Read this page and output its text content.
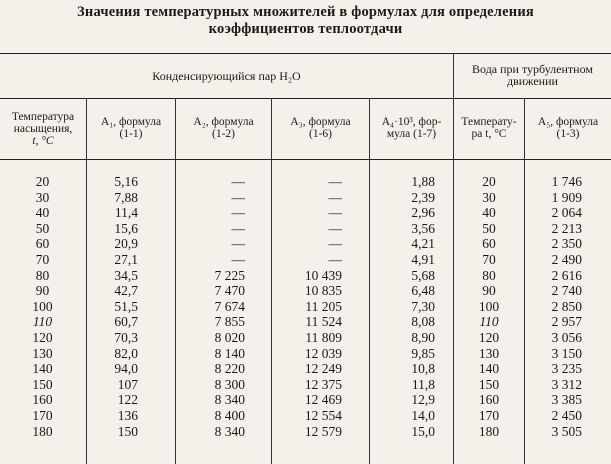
Значения температурных множителей в формулах для определения
коэффициентов теплоотдачи
Конденсирующийся пар H₂O	Вода при турбулентном
движении
Температура
насыщения,
t, °C
A₁, формула
(1-1)
A₂, формула
(1-2)
A₃, формула
(1-6)
A₄·10³, фор-
мула (1-7)
Температу-
ра t, °C
A₅, формула
(1-3)
20
30
40
50
60
70
80
90
100
110
120
130
140
150
160
170
180
5,16
7,88
11,4
15,6
20,9
27,1
34,5
42,7
51,5
60,7
70,3
82,0
94,0
107
122
136
150
—
—
—
—
—
—
7 225
7 470
7 674
7 855
8 020
8 140
8 220
8 300
8 340
8 400
8 340
—
—
—
—
—
—
10 439
10 835
11 205
11 524
11 809
12 039
12 249
12 375
12 469
12 554
12 579
1,88
2,39
2,96
3,56
4,21
4,91
5,68
6,48
7,30
8,08
8,90
9,85
10,8
11,8
12,9
14,0
15,0
20
30
40
50
60
70
80
90
100
110
120
130
140
150
160
170
180
1 746
1 909
2 064
2 213
2 350
2 490
2 616
2 740
2 850
2 957
3 056
3 150
3 235
3 312
3 385
2 450
3 505
